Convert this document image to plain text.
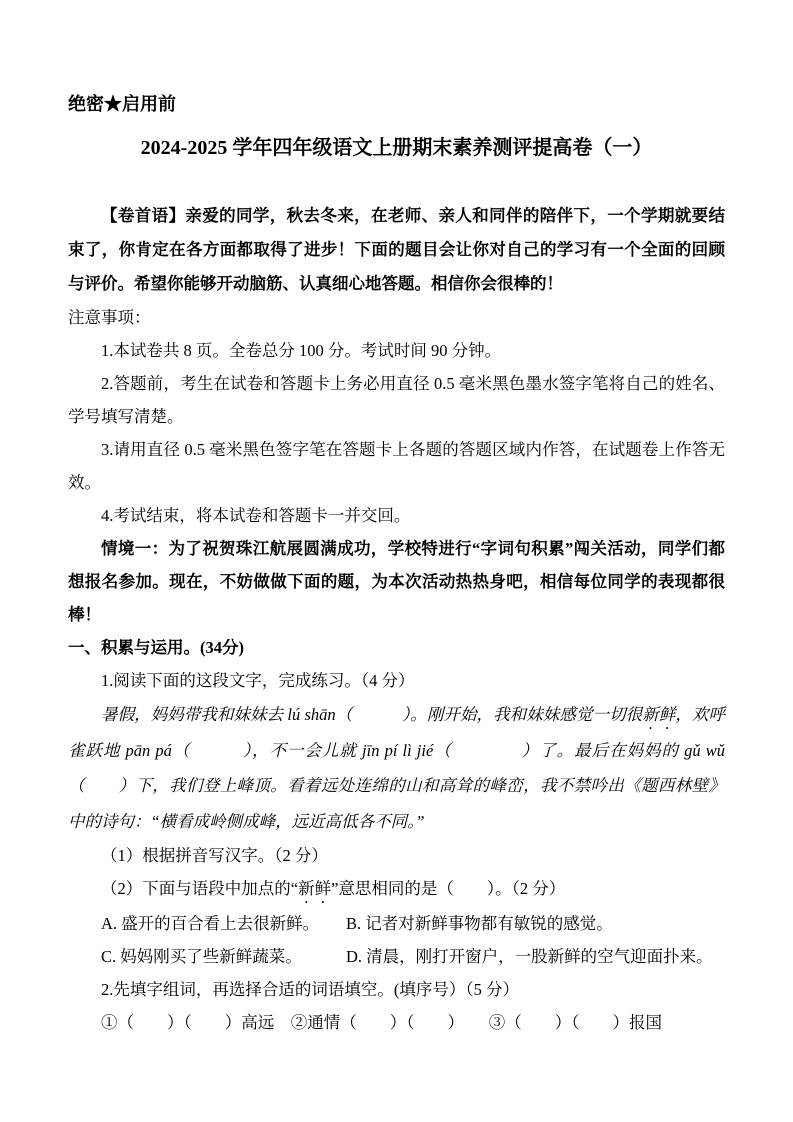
绝密★启用前

2024-2025 学年四年级语文上册期末素养测评提高卷（一）

【卷首语】亲爱的同学，秋去冬来，在老师、亲人和同伴的陪伴下，一个学期就要结束了，你肯定在各方面都取得了进步！下面的题目会让你对自己的学习有一个全面的回顾与评价。希望你能够开动脑筋、认真细心地答题。相信你会很棒的！

注意事项：

1.本试卷共 8 页。全卷总分 100 分。考试时间 90 分钟。

2.答题前，考生在试卷和答题卡上务必用直径 0.5 毫米黑色墨水签字笔将自己的姓名、学号填写清楚。

3.请用直径 0.5 毫米黑色签字笔在答题卡上各题的答题区域内作答，在试题卷上作答无效。

4.考试结束，将本试卷和答题卡一并交回。

情境一：为了祝贺珠江航展圆满成功，学校特进行“字词句积累”闯关活动，同学们都想报名参加。现在，不妨做做下面的题，为本次活动热热身吧，相信每位同学的表现都很棒！

一、积累与运用。(34分)

1.阅读下面的这段文字，完成练习。（4 分）

暑假，妈妈带我和妹妹去 lú shān（　　　）。刚开始，我和妹妹感觉一切很新鲜，欢呼雀跃地 pān pá（　　　），不一会儿就 jīn pí lì jié（　　　　）了。最后在妈妈的 gǔ wǔ（　　）下，我们登上峰顶。看着远处连绵的山和高耸的峰峦，我不禁吟出《题西林壁》中的诗句：“横看成岭侧成峰，远近高低各不同。”

（1）根据拼音写汉字。（2 分）

（2）下面与语段中加点的“新鲜”意思相同的是（　　）。（2 分）

A. 盛开的百合看上去很新鲜。	B. 记者对新鲜事物都有敏锐的感觉。
C. 妈妈刚买了些新鲜蔬菜。	D. 清晨，刚打开窗户，一股新鲜的空气迎面扑来。

2.先填字组词，再选择合适的词语填空。(填序号）（5 分）

①（　　）（　　）高远　②通情（　　）（　　）　　③（　　）（　　）报国
